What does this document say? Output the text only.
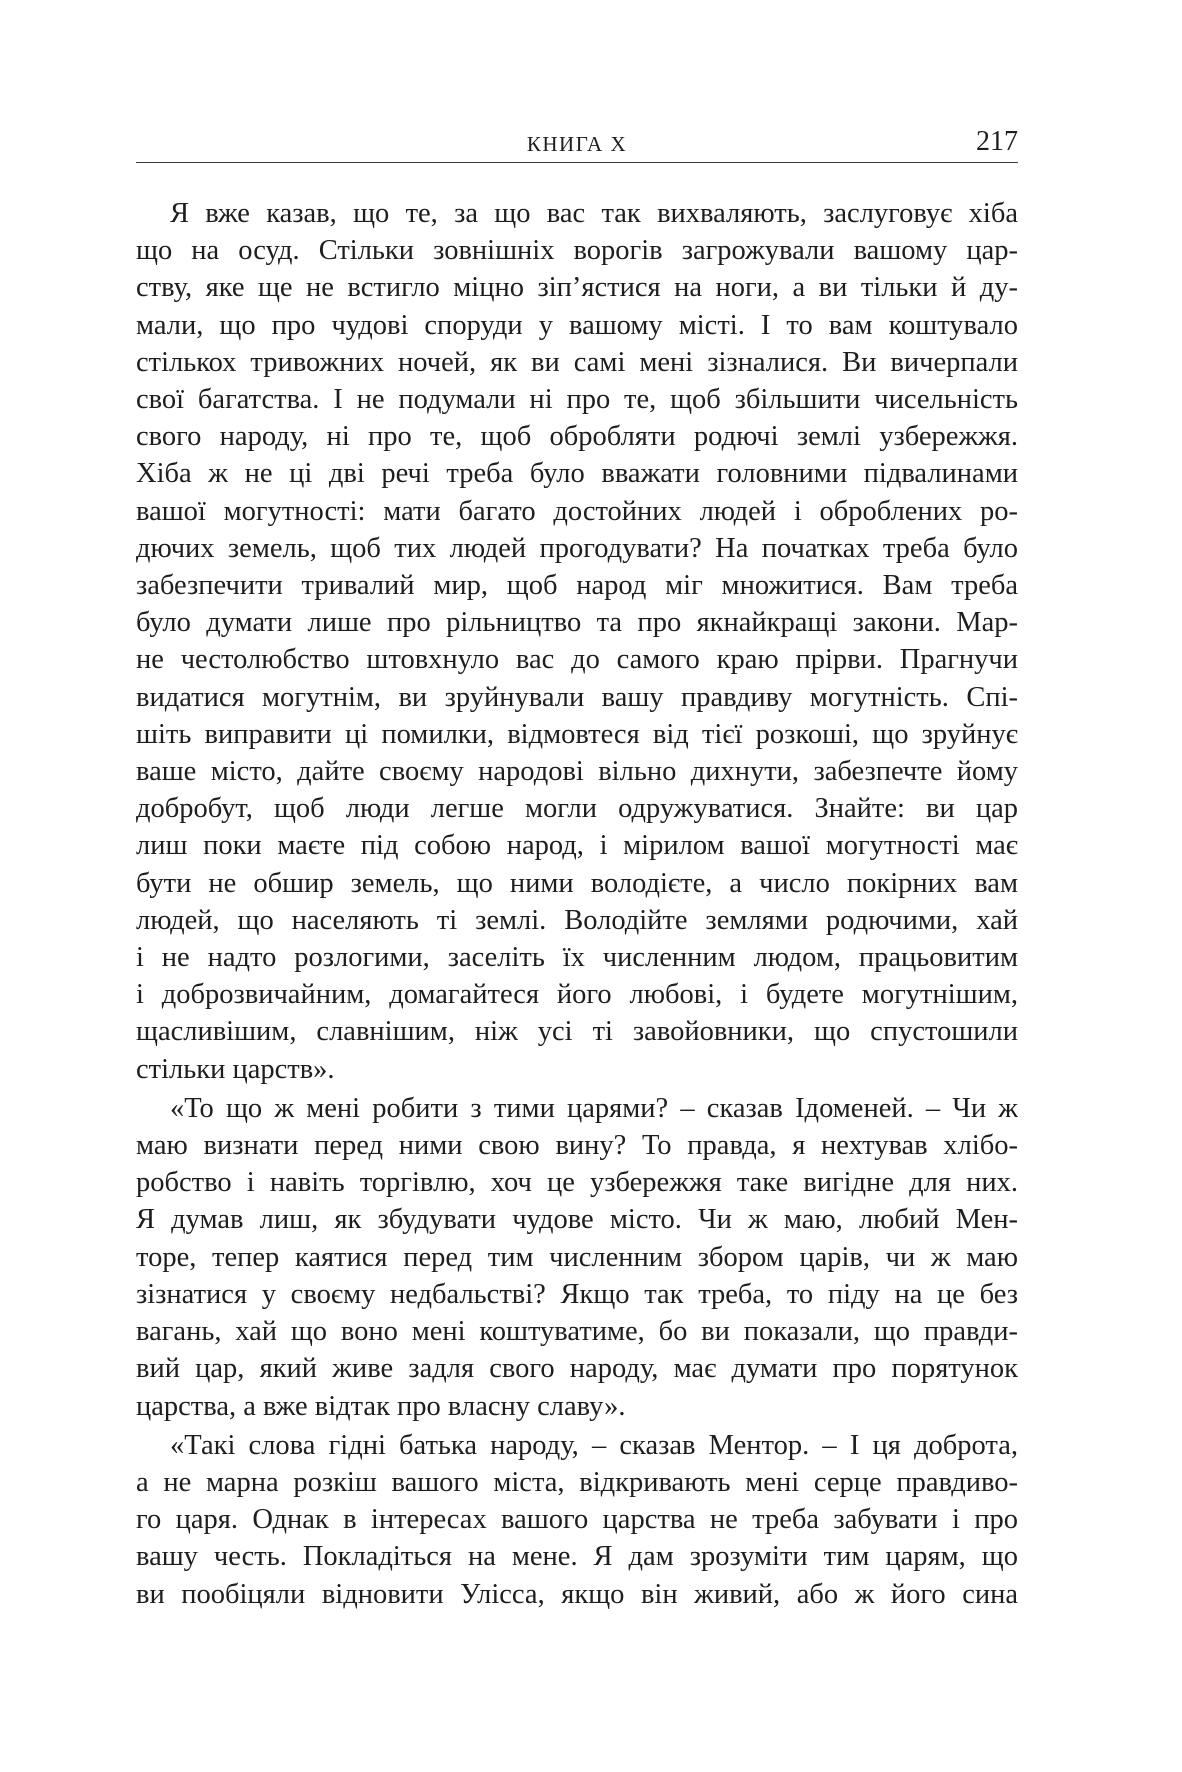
КНИГА X	217

Я вже казав, що те, за що вас так вихваляють, заслуговує хіба
що на осуд. Стільки зовнішніх ворогів загрожували вашому цар-
ству, яке ще не встигло міцно зіп’ястися на ноги, а ви тільки й ду-
мали, що про чудові споруди у вашому місті. І то вам коштувало
стількох тривожних ночей, як ви самі мені зізналися. Ви вичерпали
свої багатства. І не подумали ні про те, щоб збільшити чисельність
свого народу, ні про те, щоб обробляти родючі землі узбережжя.
Хіба ж не ці дві речі треба було вважати головними підвалинами
вашої могутності: мати багато достойних людей і оброблених ро-
дючих земель, щоб тих людей прогодувати? На початках треба було
забезпечити тривалий мир, щоб народ міг множитися. Вам треба
було думати лише про рільництво та про якнайкращі закони. Мар-
не честолюбство штовхнуло вас до самого краю прірви. Прагнучи
видатися могутнім, ви зруйнували вашу правдиву могутність. Спі-
шіть виправити ці помилки, відмовтеся від тієї розкоші, що зруйнує
ваше місто, дайте своєму народові вільно дихнути, забезпечте йому
добробут, щоб люди легше могли одружуватися. Знайте: ви цар
лиш поки маєте під собою народ, і мірилом вашої могутності має
бути не обшир земель, що ними володієте, а число покірних вам
людей, що населяють ті землі. Володійте землями родючими, хай
і не надто розлогими, заселіть їх численним людом, працьовитим
і доброзвичайним, домагайтеся його любові, і будете могутнішим,
щасливішим, славнішим, ніж усі ті завойовники, що спустошили
стільки царств».

«То що ж мені робити з тими царями? – сказав Ідоменей. – Чи ж
маю визнати перед ними свою вину? То правда, я нехтував хлібо-
робство і навіть торгівлю, хоч це узбережжя таке вигідне для них.
Я думав лиш, як збудувати чудове місто. Чи ж маю, любий Мен-
торе, тепер каятися перед тим численним збором царів, чи ж маю
зізнатися у своєму недбальстві? Якщо так треба, то піду на це без
вагань, хай що воно мені коштуватиме, бо ви показали, що правди-
вий цар, який живе задля свого народу, має думати про порятунок
царства, а вже відтак про власну славу».

«Такі слова гідні батька народу, – сказав Ментор. – І ця доброта,
а не марна розкіш вашого міста, відкривають мені серце правдиво-
го царя. Однак в інтересах вашого царства не треба забувати і про
вашу честь. Покладіться на мене. Я дам зрозуміти тим царям, що
ви пообіцяли відновити Улісса, якщо він живий, або ж його сина
